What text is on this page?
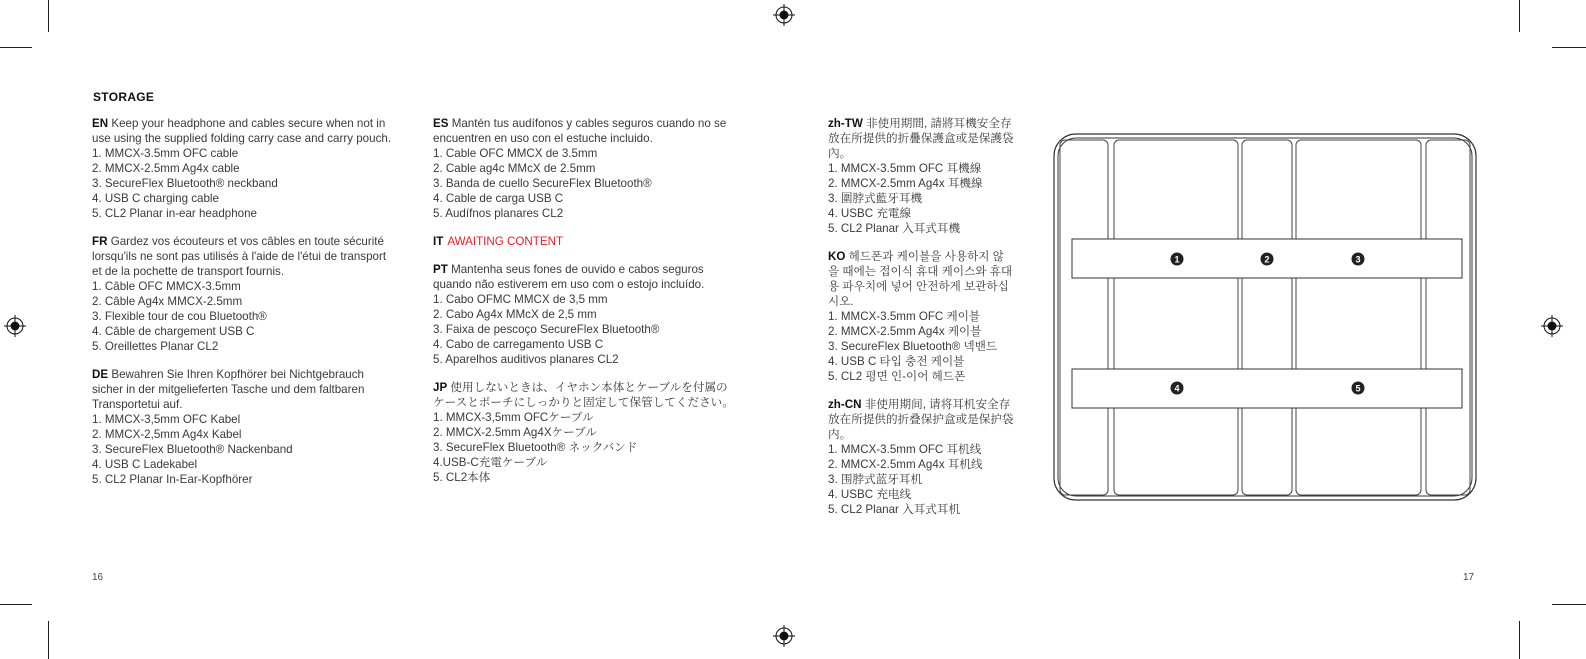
STORAGE

EN Keep your headphone and cables secure when not in use using the supplied folding carry case and carry pouch.

1. MMCX-3.5mm OFC cable

2. MMCX-2.5mm Ag4x cable

3. SecureFlex Bluetooth® neckband

4. USB C charging cable

5. CL2 Planar in-ear headphone

FR Gardez vos écouteurs et vos câbles en toute sécurité lorsqu'ils ne sont pas utilisés à l'aide de l'étui de transport et de la pochette de transport fournis.

1. Câble OFC MMCX-3.5mm

2. Câble Ag4x MMCX-2.5mm

3. Flexible tour de cou Bluetooth®

4. Câble de chargement USB C

5. Oreillettes Planar CL2

DE Bewahren Sie Ihren Kopfhörer bei Nichtgebrauch sicher in der mitgelieferten Tasche und dem faltbaren Transportetui auf.

1. MMCX-3,5mm OFC Kabel

2. MMCX-2,5mm Ag4x Kabel

3. SecureFlex Bluetooth® Nackenband

4. USB C Ladekabel

5. CL2 Planar In-Ear-Kopfhörer

ES Mantén tus audífonos y cables seguros cuando no se encuentren en uso con el estuche incluido.

1. Cable OFC MMCX de 3.5mm

2. Cable ag4c MMcX de 2.5mm

3. Banda de cuello SecureFlex Bluetooth®

4. Cable de carga USB C

5. Audífnos planares CL2

IT AWAITING CONTENT

PT Mantenha seus fones de ouvido e cabos seguros quando não estiverem em uso com o estojo incluído.

1. Cabo OFMC MMCX de 3,5 mm

2. Cabo Ag4x MMcX de 2,5 mm

3. Faixa de pescoço SecureFlex Bluetooth®

4. Cabo de carregamento USB C

5. Aparelhos auditivos planares CL2

JP 使用しないときは、イヤホン本体とケーブルを付属のケースとポーチにしっかりと固定して保管してください。

1. MMCX-3,5mm OFCケーブル

2. MMCX-2.5mm Ag4Xケーブル

3. SecureFlex Bluetooth® ネックバンド

4.USB-C充電ケーブル

5. CL2本体

zh-TW 非使用期間, 請將耳機安全存放在所提供的折疊保護盒或是保護袋內。

1. MMCX-3.5mm OFC 耳機線

2. MMCX-2.5mm Ag4x 耳機線

3. 圍脖式藍牙耳機

4. USBC 充電線

5. CL2 Planar 入耳式耳機

KO 헤드폰과 케이블을 사용하지 않을 때에는 접이식 휴대 케이스와 휴대용 파우치에 넣어 안전하게 보관하십시오.

1. MMCX-3.5mm OFC 케이블

2. MMCX-2.5mm Ag4x 케이블

3. SecureFlex Bluetooth® 넥밴드

4. USB C 타입 충전 케이블

5. CL2 평면 인-이어 헤드폰

zh-CN 非使用期间, 请将耳机安全存放在所提供的折叠保护盒或是保护袋内。

1. MMCX-3.5mm OFC 耳机线

2. MMCX-2.5mm Ag4x 耳机线

3. 围脖式蓝牙耳机

4. USBC 充电线

5. CL2 Planar 入耳式耳机

1	2	3
4	5
16	17
